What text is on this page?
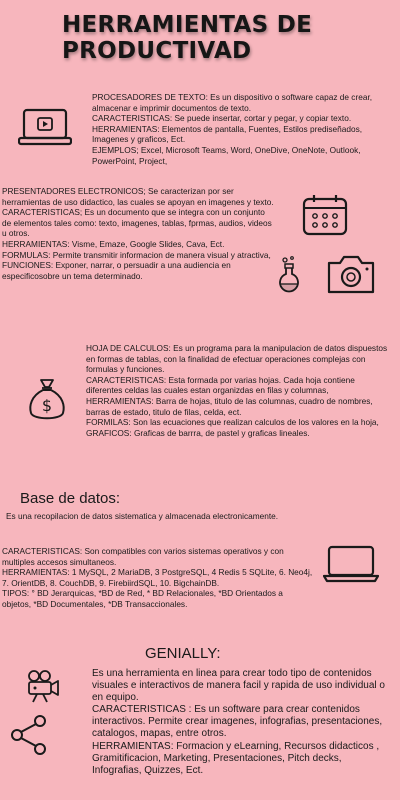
HERRAMIENTAS DE PRODUCTIVAD

PROCESADORES DE TEXTO: Es un dispositivo o software capaz de crear, almacenar e imprimir documentos de texto.

CARACTERISTICAS: Se puede insertar, cortar y pegar, y copiar texto.

HERRAMIENTAS: Elementos de pantalla, Fuentes, Estilos prediseñados, Imagenes y graficos, Ect.

EJEMPLOS; Excel, Microsoft Teams, Word, OneDive, OneNote, Outlook, PowerPoint, Project,

PRESENTADORES ELECTRONICOS; Se caracterizan por ser herramientas de uso didactico, las cuales se apoyan en imagenes y texto.

CARACTERISTICAS; Es un documento que se integra con un conjunto de elementos tales como: texto, imagenes, tablas, fprmas, audios, videos u otros.

HERRAMIENTAS: Visme, Emaze, Google Slides, Cava, Ect.

FORMULAS: Permite transmitir informacion de manera visual y atractiva,

FUNCIONES: Exponer, narrar, o persuadir a una audiencia en especificosobre un tema determinado.

HOJA DE CALCULOS: Es un programa para la manipulacion de datos dispuestos en formas de tablas, con la finalidad de efectuar operaciones complejas con formulas y funciones.

CARACTERISTICAS: Esta formada por varias hojas. Cada hoja contiene diferentes celdas las cuales estan organizdas en filas y columnas,

HERRAMIENTAS: Barra de hojas, titulo de las columnas, cuadro de nombres, barras de estado, titulo de filas, celda, ect.

FORMILAS: Son las ecuaciones que realizan calculos de los valores en la hoja,

GRAFICOS: Graficas de barrra, de pastel y graficas lineales.

$
Base de datos:
Es una recopilacion de datos sistematica y almacenada electronicamente.

CARACTERISTICAS: Son compatibles con varios sistemas operativos y con multiples accesos simultaneos.

HERRAMIENTAS: 1 MySQL, 2 MariaDB, 3 PostgreSQL, 4 Redis 5 SQLite, 6. Neo4j, 7. OrientDB, 8. CouchDB, 9. FirebiirdSQL, 10. BigchainDB.

TIPOS: ° BD Jerarquicas, *BD de Red, * BD Relacionales, *BD Orientados a objetos, *BD Documentales, *DB Transaccionales.

GENIALLY:

Es una herramienta en linea para crear todo tipo de contenidos visuales e interactivos de manera facil y rapida de uso individual o en equipo.

CARACTERISTICAS : Es un software para crear contenidos interactivos. Permite crear imagenes, infografias, presentaciones, catalogos, mapas, entre otros.

HERRAMIENTAS: Formacion y eLearning, Recursos didacticos , Gramitificacion, Marketing, Presentaciones, Pitch decks, Infografias, Quizzes, Ect.
